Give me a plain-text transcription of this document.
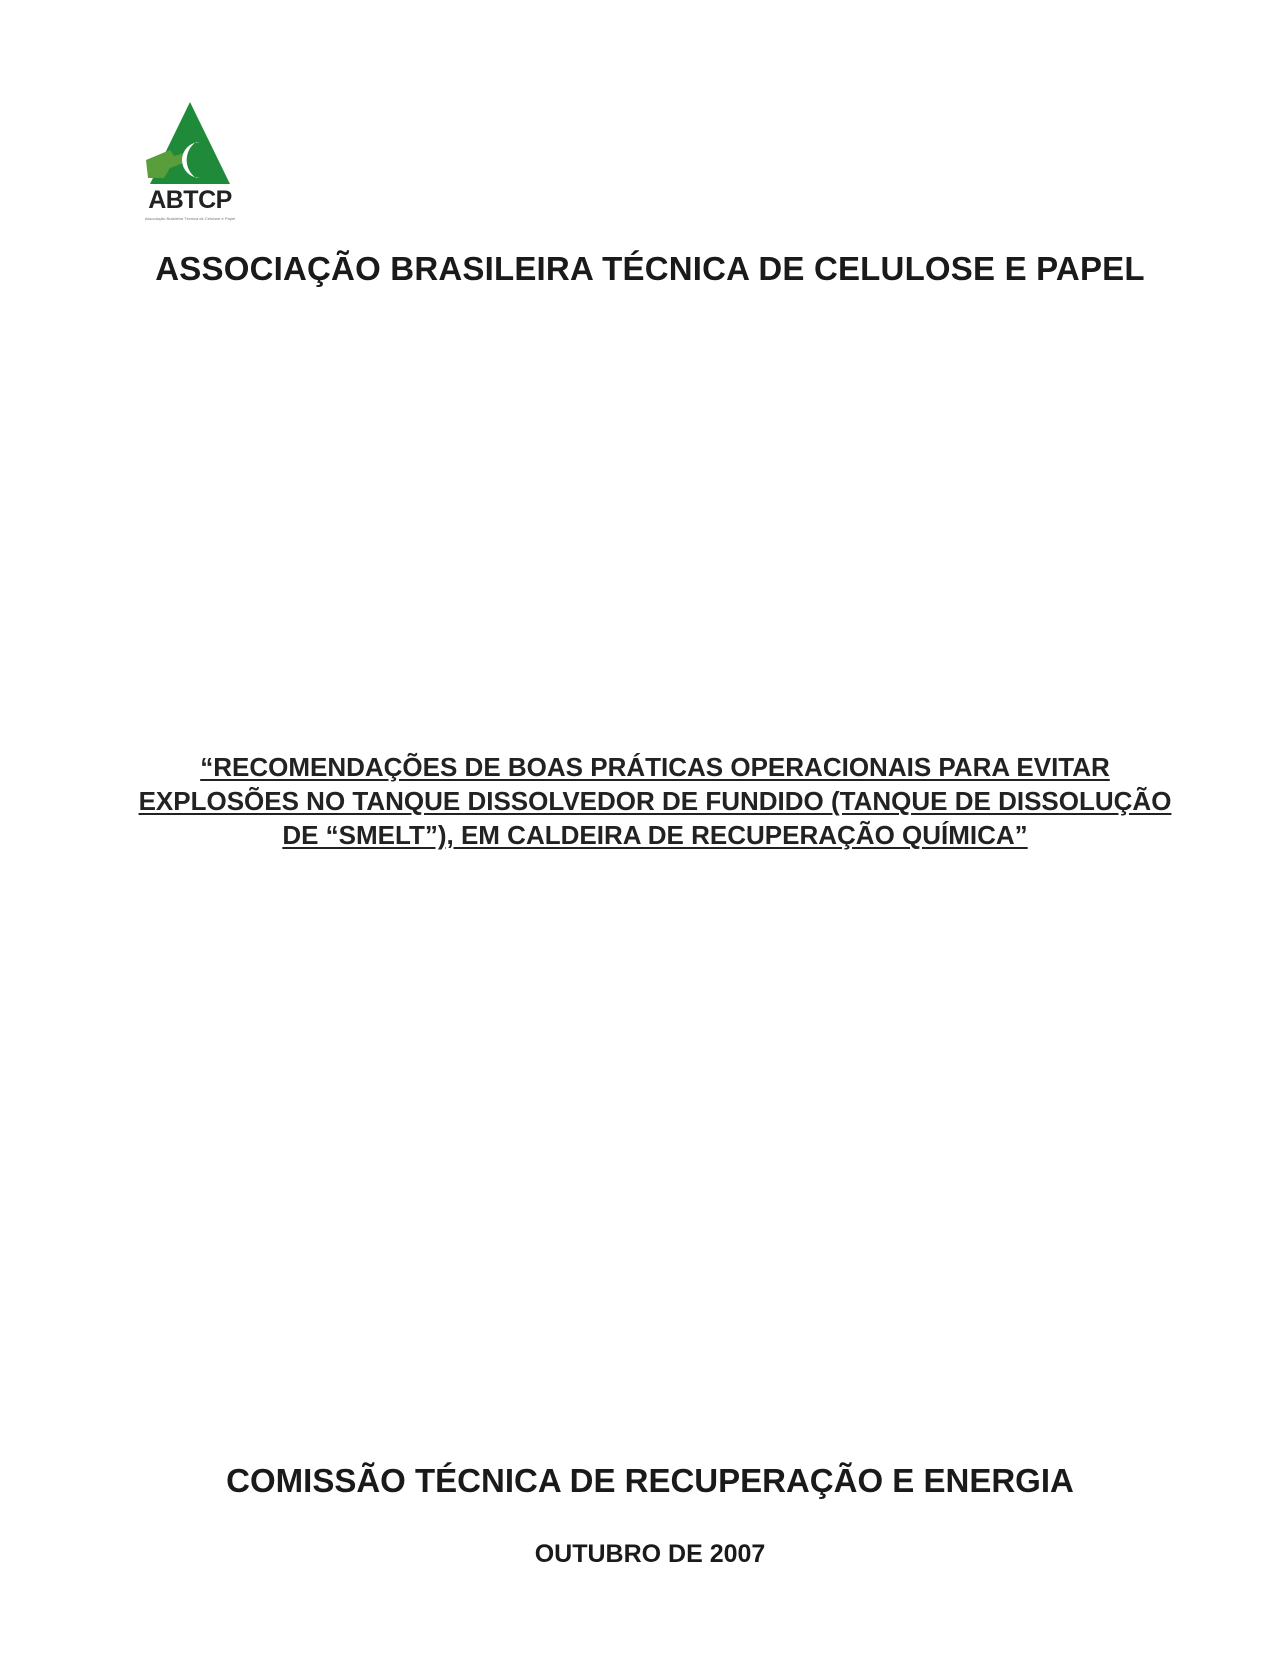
ABTCP
Associação Brasileira Técnica de Celulose e Papel
ASSOCIAÇÃO BRASILEIRA TÉCNICA DE CELULOSE E PAPEL
“RECOMENDAÇÕES DE BOAS PRÁTICAS OPERACIONAIS PARA EVITAR EXPLOSÕES NO TANQUE DISSOLVEDOR DE FUNDIDO (TANQUE DE DISSOLUÇÃO DE “SMELT”), EM CALDEIRA DE RECUPERAÇÃO QUÍMICA”
COMISSÃO TÉCNICA DE RECUPERAÇÃO E ENERGIA
OUTUBRO DE 2007
